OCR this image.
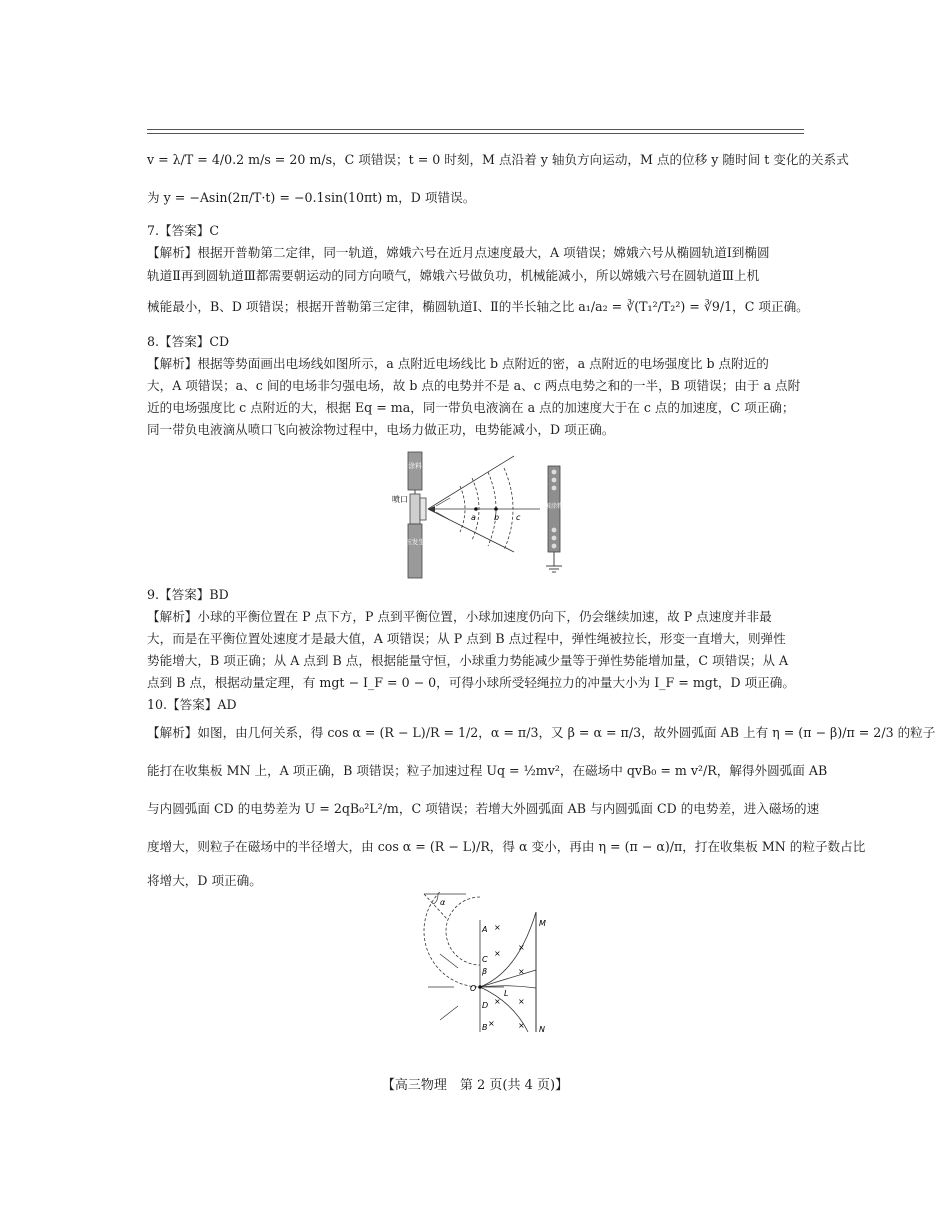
v = λ/T = 4/0.2 m/s = 20 m/s，C 项错误；t = 0 时刻，M 点沿着 y 轴负方向运动，M 点的位移 y 随时间 t 变化的关系式
为 y = −Asin(2π/T·t) = −0.1sin(10πt) m，D 项错误。
7.【答案】C
【解析】根据开普勒第二定律，同一轨道，嫦娥六号在近月点速度最大，A 项错误；嫦娥六号从椭圆轨道Ⅰ到椭圆
轨道Ⅱ再到圆轨道Ⅲ都需要朝运动的同方向喷气，嫦娥六号做负功，机械能减小，所以嫦娥六号在圆轨道Ⅲ上机
械能最小，B、D 项错误；根据开普勒第三定律，椭圆轨道Ⅰ、Ⅱ的半长轴之比 a₁/a₂ = ∛(T₁²/T₂²) = ∛9/1，C 项正确。
8.【答案】CD
【解析】根据等势面画出电场线如图所示，a 点附近电场线比 b 点附近的密，a 点附近的电场强度比 b 点附近的
大，A 项错误；a、c 间的电场非匀强电场，故 b 点的电势并不是 a、c 两点电势之和的一半，B 项错误；由于 a 点附
近的电场强度比 c 点附近的大，根据 Eq = ma，同一带负电液滴在 a 点的加速度大于在 c 点的加速度，C 项正确；
同一带负电液滴从喷口飞向被涂物过程中，电场力做正功，电势能减小，D 项正确。
涂料
喷口
高压发生器
a b c
被涂物
9.【答案】BD
【解析】小球的平衡位置在 P 点下方，P 点到平衡位置，小球加速度仍向下，仍会继续加速，故 P 点速度并非最
大，而是在平衡位置处速度才是最大值，A 项错误；从 P 点到 B 点过程中，弹性绳被拉长，形变一直增大，则弹性
势能增大，B 项正确；从 A 点到 B 点，根据能量守恒，小球重力势能减少量等于弹性势能增加量，C 项错误；从 A
点到 B 点，根据动量定理，有 mgt − I_F = 0 − 0，可得小球所受轻绳拉力的冲量大小为 I_F = mgt，D 项正确。
10.【答案】AD
【解析】如图，由几何关系，得 cos α = (R − L)/R = 1/2，α = π/3，又 β = α = π/3，故外圆弧面 AB 上有 η = (π − β)/π = 2/3 的粒子
能打在收集板 MN 上，A 项正确，B 项错误；粒子加速过程 Uq = ½mv²，在磁场中 qvB₀ = m v²/R，解得外圆弧面 AB
与内圆弧面 CD 的电势差为 U = 2qB₀²L²/m，C 项错误；若增大外圆弧面 AB 与内圆弧面 CD 的电势差，进入磁场的速
度增大，则粒子在磁场中的半径增大，由 cos α = (R − L)/R，得 α 变小，再由 η = (π − α)/π，打在收集板 MN 的粒子数占比
将增大，D 项正确。
α
A
C
β
O
L
D
B
M
N
×
×
×
×
× ×
×	×
【高三物理　第 2 页(共 4 页)】
